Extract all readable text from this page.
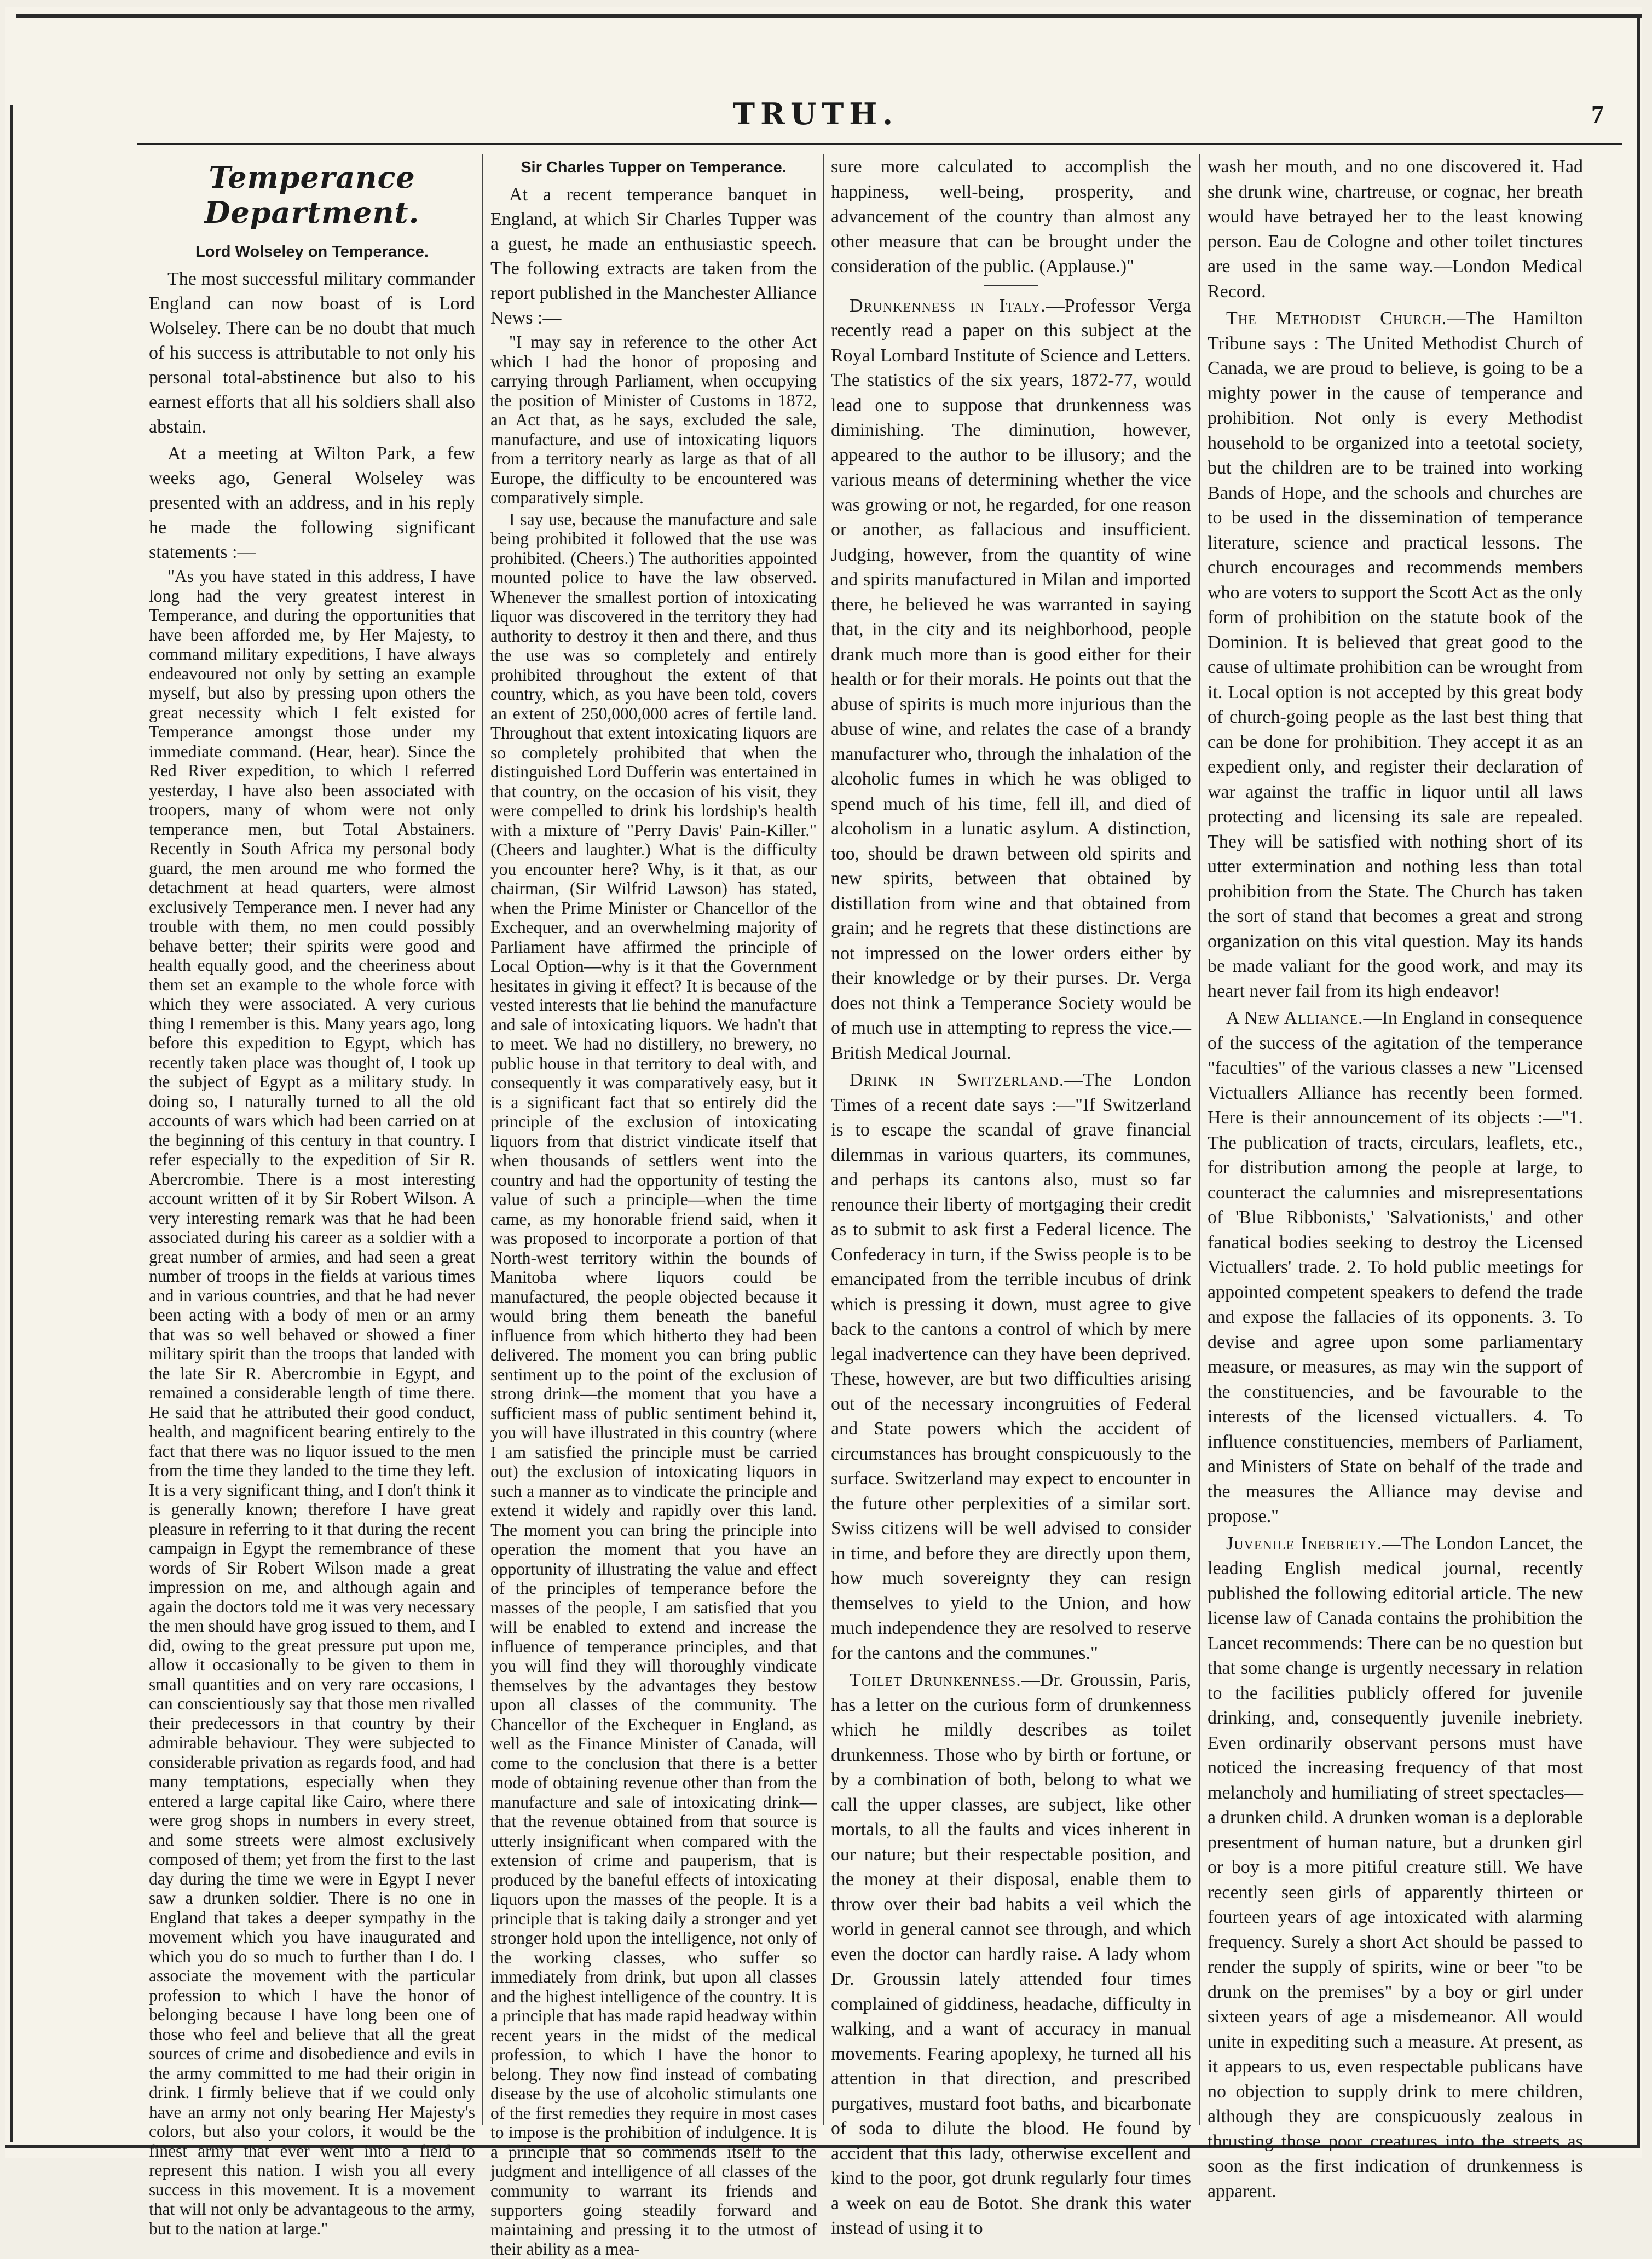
TRUTH.	7
Temperance Department.
Lord Wolseley on Temperance.

The most successful military commander England can now boast of is Lord Wolseley. There can be no doubt that much of his success is attributable to not only his personal total-abstinence but also to his earnest efforts that all his soldiers shall also abstain.

At a meeting at Wilton Park, a few weeks ago, General Wolseley was presented with an address, and in his reply he made the following significant statements :—

"As you have stated in this address, I have long had the very greatest interest in Temperance, and during the opportunities that have been afforded me, by Her Majesty, to command military expeditions, I have always endeavoured not only by setting an example myself, but also by pressing upon others the great necessity which I felt existed for Temperance amongst those under my immediate command. (Hear, hear). Since the Red River expedition, to which I referred yesterday, I have also been associated with troopers, many of whom were not only temperance men, but Total Abstainers. Recently in South Africa my personal body guard, the men around me who formed the detachment at head quarters, were almost exclusively Temperance men. I never had any trouble with them, no men could possibly behave better; their spirits were good and health equally good, and the cheeriness about them set an example to the whole force with which they were associated. A very curious thing I remember is this. Many years ago, long before this expedition to Egypt, which has recently taken place was thought of, I took up the subject of Egypt as a military study. In doing so, I naturally turned to all the old accounts of wars which had been carried on at the beginning of this century in that country. I refer especially to the expedition of Sir R. Abercrombie. There is a most interesting account written of it by Sir Robert Wilson. A very interesting remark was that he had been associated during his career as a soldier with a great number of armies, and had seen a great number of troops in the fields at various times and in various countries, and that he had never been acting with a body of men or an army that was so well behaved or showed a finer military spirit than the troops that landed with the late Sir R. Abercrombie in Egypt, and remained a considerable length of time there. He said that he attributed their good conduct, health, and magnificent bearing entirely to the fact that there was no liquor issued to the men from the time they landed to the time they left. It is a very significant thing, and I don't think it is generally known; therefore I have great pleasure in referring to it that during the recent campaign in Egypt the remembrance of these words of Sir Robert Wilson made a great impression on me, and although again and again the doctors told me it was very necessary the men should have grog issued to them, and I did, owing to the great pressure put upon me, allow it occasionally to be given to them in small quantities and on very rare occasions, I can conscientiously say that those men rivalled their predecessors in that country by their admirable behaviour. They were subjected to considerable privation as regards food, and had many temptations, especially when they entered a large capital like Cairo, where there were grog shops in numbers in every street, and some streets were almost exclusively composed of them; yet from the first to the last day during the time we were in Egypt I never saw a drunken soldier. There is no one in England that takes a deeper sympathy in the movement which you have inaugurated and which you do so much to further than I do. I associate the movement with the particular profession to which I have the honor of belonging because I have long been one of those who feel and believe that all the great sources of crime and disobedience and evils in the army committed to me had their origin in drink. I firmly believe that if we could only have an army not only bearing Her Majesty's colors, but also your colors, it would be the finest army that ever went into a field to represent this nation. I wish you all every success in this movement. It is a movement that will not only be advantageous to the army, but to the nation at large."

Sir Charles Tupper on Temperance.

At a recent temperance banquet in England, at which Sir Charles Tupper was a guest, he made an enthusiastic speech. The following extracts are taken from the report published in the Manchester Alliance News :—

"I may say in reference to the other Act which I had the honor of proposing and carrying through Parliament, when occupying the position of Minister of Customs in 1872, an Act that, as he says, excluded the sale, manufacture, and use of intoxicating liquors from a territory nearly as large as that of all Europe, the difficulty to be encountered was comparatively simple.

I say use, because the manufacture and sale being prohibited it followed that the use was prohibited. (Cheers.) The authorities appointed mounted police to have the law observed. Whenever the smallest portion of intoxicating liquor was discovered in the territory they had authority to destroy it then and there, and thus the use was so completely and entirely prohibited throughout the extent of that country, which, as you have been told, covers an extent of 250,000,000 acres of fertile land. Throughout that extent intoxicating liquors are so completely prohibited that when the distinguished Lord Dufferin was entertained in that country, on the occasion of his visit, they were compelled to drink his lordship's health with a mixture of "Perry Davis' Pain-Killer." (Cheers and laughter.) What is the difficulty you encounter here? Why, is it that, as our chairman, (Sir Wilfrid Lawson) has stated, when the Prime Minister or Chancellor of the Exchequer, and an overwhelming majority of Parliament have affirmed the principle of Local Option—why is it that the Government hesitates in giving it effect? It is because of the vested interests that lie behind the manufacture and sale of intoxicating liquors. We hadn't that to meet. We had no distillery, no brewery, no public house in that territory to deal with, and consequently it was comparatively easy, but it is a significant fact that so entirely did the principle of the exclusion of intoxicating liquors from that district vindicate itself that when thousands of settlers went into the country and had the opportunity of testing the value of such a principle—when the time came, as my honorable friend said, when it was proposed to incorporate a portion of that North-west territory within the bounds of Manitoba where liquors could be manufactured, the people objected because it would bring them beneath the baneful influence from which hitherto they had been delivered. The moment you can bring public sentiment up to the point of the exclusion of strong drink—the moment that you have a sufficient mass of public sentiment behind it, you will have illustrated in this country (where I am satisfied the principle must be carried out) the exclusion of intoxicating liquors in such a manner as to vindicate the principle and extend it widely and rapidly over this land. The moment you can bring the principle into operation the moment that you have an opportunity of illustrating the value and effect of the principles of temperance before the masses of the people, I am satisfied that you will be enabled to extend and increase the influence of temperance principles, and that you will find they will thoroughly vindicate themselves by the advantages they bestow upon all classes of the community. The Chancellor of the Exchequer in England, as well as the Finance Minister of Canada, will come to the conclusion that there is a better mode of obtaining revenue other than from the manufacture and sale of intoxicating drink—that the revenue obtained from that source is utterly insignificant when compared with the extension of crime and pauperism, that is produced by the baneful effects of intoxicating liquors upon the masses of the people. It is a principle that is taking daily a stronger and yet stronger hold upon the intelligence, not only of the working classes, who suffer so immediately from drink, but upon all classes and the highest intelligence of the country. It is a principle that has made rapid headway within recent years in the midst of the medical profession, to which I have the honor to belong. They now find instead of combating disease by the use of alcoholic stimulants one of the first remedies they require in most cases to impose is the prohibition of indulgence. It is a principle that so commends itself to the judgment and intelligence of all classes of the community to warrant its friends and supporters going steadily forward and maintaining and pressing it to the utmost of their ability as a mea-

sure more calculated to accomplish the happiness, well-being, prosperity, and advancement of the country than almost any other measure that can be brought under the consideration of the public. (Applause.)"

Drunkenness in Italy.—Professor Verga recently read a paper on this subject at the Royal Lombard Institute of Science and Letters. The statistics of the six years, 1872-77, would lead one to suppose that drunkenness was diminishing. The diminution, however, appeared to the author to be illusory; and the various means of determining whether the vice was growing or not, he regarded, for one reason or another, as fallacious and insufficient. Judging, however, from the quantity of wine and spirits manufactured in Milan and imported there, he believed he was warranted in saying that, in the city and its neighborhood, people drank much more than is good either for their health or for their morals. He points out that the abuse of spirits is much more injurious than the abuse of wine, and relates the case of a brandy manufacturer who, through the inhalation of the alcoholic fumes in which he was obliged to spend much of his time, fell ill, and died of alcoholism in a lunatic asylum. A distinction, too, should be drawn between old spirits and new spirits, between that obtained by distillation from wine and that obtained from grain; and he regrets that these distinctions are not impressed on the lower orders either by their knowledge or by their purses. Dr. Verga does not think a Temperance Society would be of much use in attempting to repress the vice.—British Medical Journal.

Drink in Switzerland.—The London Times of a recent date says :—"If Switzerland is to escape the scandal of grave financial dilemmas in various quarters, its communes, and perhaps its cantons also, must so far renounce their liberty of mortgaging their credit as to submit to ask first a Federal licence. The Confederacy in turn, if the Swiss people is to be emancipated from the terrible incubus of drink which is pressing it down, must agree to give back to the cantons a control of which by mere legal inadvertence can they have been deprived. These, however, are but two difficulties arising out of the necessary incongruities of Federal and State powers which the accident of circumstances has brought conspicuously to the surface. Switzerland may expect to encounter in the future other perplexities of a similar sort. Swiss citizens will be well advised to consider in time, and before they are directly upon them, how much sovereignty they can resign themselves to yield to the Union, and how much independence they are resolved to reserve for the cantons and the communes."

Toilet Drunkenness.—Dr. Groussin, Paris, has a letter on the curious form of drunkenness which he mildly describes as toilet drunkenness. Those who by birth or fortune, or by a combination of both, belong to what we call the upper classes, are subject, like other mortals, to all the faults and vices inherent in our nature; but their respectable position, and the money at their disposal, enable them to throw over their bad habits a veil which the world in general cannot see through, and which even the doctor can hardly raise. A lady whom Dr. Groussin lately attended four times complained of giddiness, headache, difficulty in walking, and a want of accuracy in manual movements. Fearing apoplexy, he turned all his attention in that direction, and prescribed purgatives, mustard foot baths, and bicarbonate of soda to dilute the blood. He found by accident that this lady, otherwise excellent and kind to the poor, got drunk regularly four times a week on eau de Botot. She drank this water instead of using it to

wash her mouth, and no one discovered it. Had she drunk wine, chartreuse, or cognac, her breath would have betrayed her to the least knowing person. Eau de Cologne and other toilet tinctures are used in the same way.—London Medical Record.

The Methodist Church.—The Hamilton Tribune says : The United Methodist Church of Canada, we are proud to believe, is going to be a mighty power in the cause of temperance and prohibition. Not only is every Methodist household to be organized into a teetotal society, but the children are to be trained into working Bands of Hope, and the schools and churches are to be used in the dissemination of temperance literature, science and practical lessons. The church encourages and recommends members who are voters to support the Scott Act as the only form of prohibition on the statute book of the Dominion. It is believed that great good to the cause of ultimate prohibition can be wrought from it. Local option is not accepted by this great body of church-going people as the last best thing that can be done for prohibition. They accept it as an expedient only, and register their declaration of war against the traffic in liquor until all laws protecting and licensing its sale are repealed. They will be satisfied with nothing short of its utter extermination and nothing less than total prohibition from the State. The Church has taken the sort of stand that becomes a great and strong organization on this vital question. May its hands be made valiant for the good work, and may its heart never fail from its high endeavor!

A New Alliance.—In England in consequence of the success of the agitation of the temperance "faculties" of the various classes a new "Licensed Victuallers Alliance has recently been formed. Here is their announcement of its objects :—"1. The publication of tracts, circulars, leaflets, etc., for distribution among the people at large, to counteract the calumnies and misrepresentations of 'Blue Ribbonists,' 'Salvationists,' and other fanatical bodies seeking to destroy the Licensed Victuallers' trade. 2. To hold public meetings for appointed competent speakers to defend the trade and expose the fallacies of its opponents. 3. To devise and agree upon some parliamentary measure, or measures, as may win the support of the constituencies, and be favourable to the interests of the licensed victuallers. 4. To influence constituencies, members of Parliament, and Ministers of State on behalf of the trade and the measures the Alliance may devise and propose."

Juvenile Inebriety.—The London Lancet, the leading English medical journal, recently published the following editorial article. The new license law of Canada contains the prohibition the Lancet recommends: There can be no question but that some change is urgently necessary in relation to the facilities publicly offered for juvenile drinking, and, consequently juvenile inebriety. Even ordinarily observant persons must have noticed the increasing frequency of that most melancholy and humiliating of street spectacles—a drunken child. A drunken woman is a deplorable presentment of human nature, but a drunken girl or boy is a more pitiful creature still. We have recently seen girls of apparently thirteen or fourteen years of age intoxicated with alarming frequency. Surely a short Act should be passed to render the supply of spirits, wine or beer "to be drunk on the premises" by a boy or girl under sixteen years of age a misdemeanor. All would unite in expediting such a measure. At present, as it appears to us, even respectable publicans have no objection to supply drink to mere children, although they are conspicuously zealous in thrusting those poor creatures into the streets as soon as the first indication of drunkenness is apparent.
